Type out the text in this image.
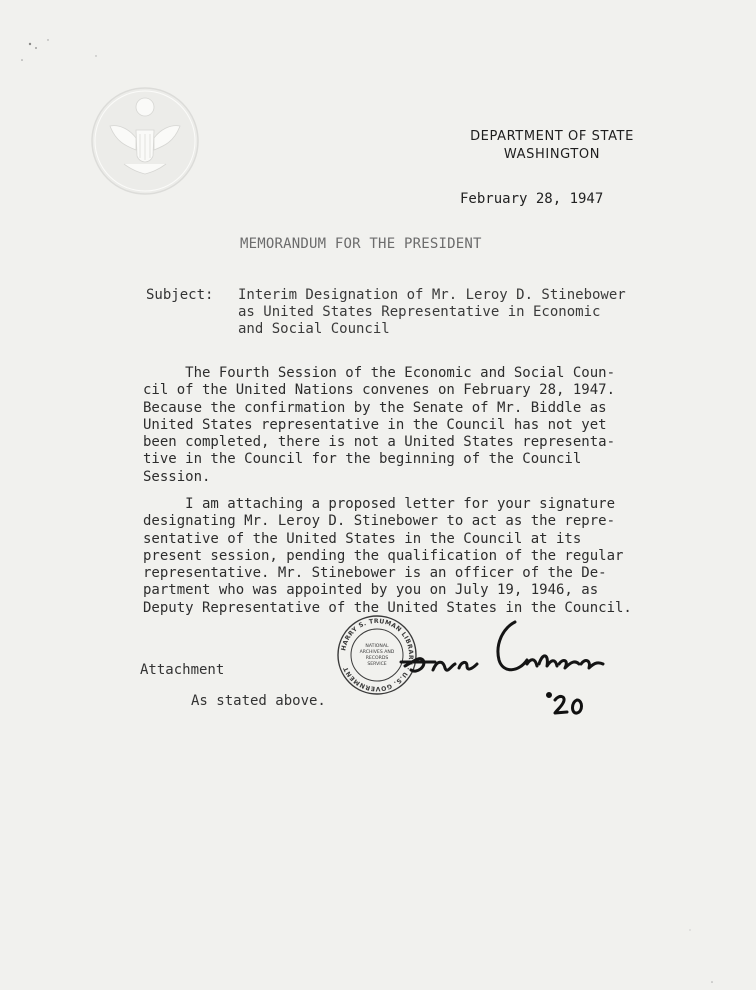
DEPARTMENT OF STATE
WASHINGTON
February 28, 1947
MEMORANDUM FOR THE PRESIDENT
Subject: Interim Designation of Mr. Leroy D. Stinebower
as United States Representative in Economic
and Social Council
The Fourth Session of the Economic and Social Coun-
cil of the United Nations convenes on February 28, 1947.
Because the confirmation by the Senate of Mr. Biddle as
United States representative in the Council has not yet
been completed, there is not a United States representa-
tive in the Council for the beginning of the Council
Session.
I am attaching a proposed letter for your signature
designating Mr. Leroy D. Stinebower to act as the repre-
sentative of the United States in the Council at its
present session, pending the qualification of the regular
representative. Mr. Stinebower is an officer of the De-
partment who was appointed by you on July 19, 1946, as
Deputy Representative of the United States in the Council.
HARRY S. TRUMAN LIBRARY · U.S. GOVERNMENT
NATIONAL
ARCHIVES AND
RECORDS
SERVICE
Attachment
As stated above.
